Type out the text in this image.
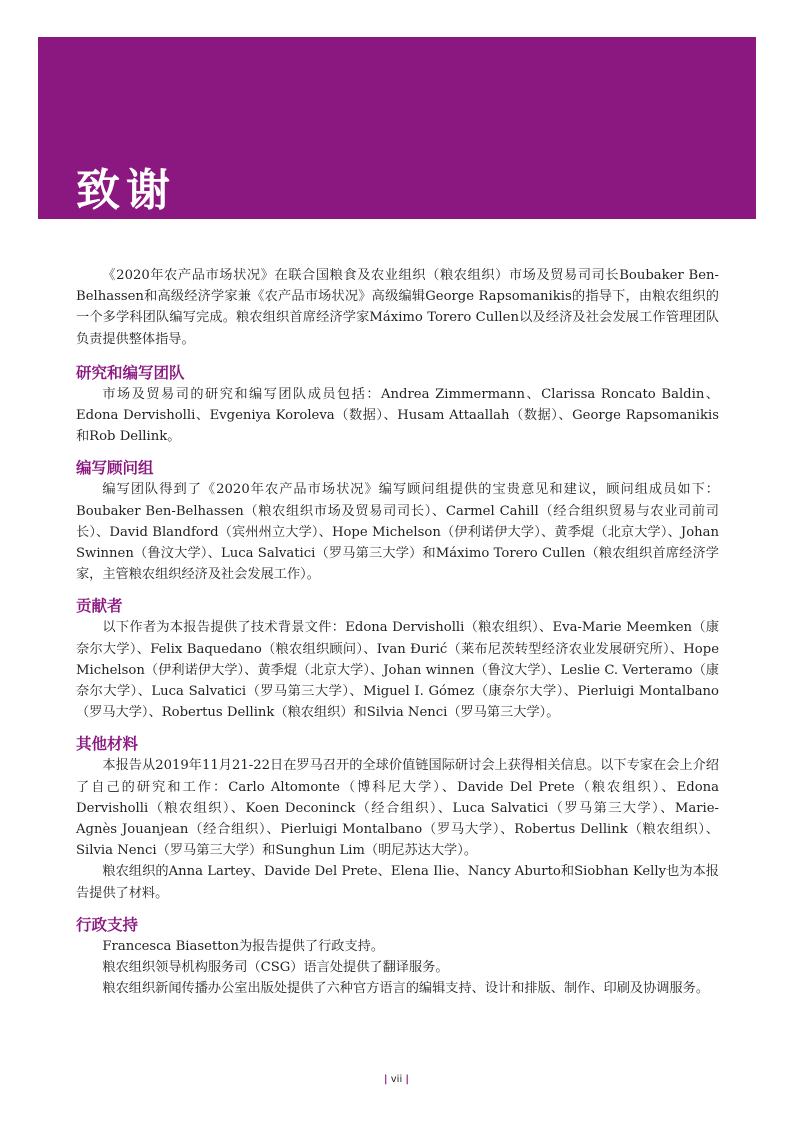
致谢

《2020年农产品市场状况》在联合国粮食及农业组织（粮农组织）市场及贸易司司长Boubaker Ben-Belhassen和高级经济学家兼《农产品市场状况》高级编辑George Rapsomanikis的指导下，由粮农组织的一个多学科团队编写完成。粮农组织首席经济学家Máximo Torero Cullen以及经济及社会发展工作管理团队负责提供整体指导。

研究和编写团队

市场及贸易司的研究和编写团队成员包括：Andrea Zimmermann、Clarissa Roncato Baldin、Edona Dervisholli、Evgeniya Koroleva（数据）、Husam Attaallah（数据）、George Rapsomanikis和Rob Dellink。

编写顾问组

编写团队得到了《2020年农产品市场状况》编写顾问组提供的宝贵意见和建议，顾问组成员如下：Boubaker Ben-Belhassen（粮农组织市场及贸易司司长）、Carmel Cahill（经合组织贸易与农业司前司长）、David Blandford（宾州州立大学）、Hope Michelson（伊利诺伊大学）、黄季焜（北京大学）、Johan Swinnen（鲁汶大学）、Luca Salvatici（罗马第三大学）和Máximo Torero Cullen（粮农组织首席经济学家，主管粮农组织经济及社会发展工作）。

贡献者

以下作者为本报告提供了技术背景文件：Edona Dervisholli（粮农组织）、Eva-Marie Meemken（康奈尔大学）、Felix Baquedano（粮农组织顾问）、Ivan Đurić（莱布尼茨转型经济农业发展研究所）、Hope Michelson（伊利诺伊大学）、黄季焜（北京大学）、Johan winnen（鲁汶大学）、Leslie C. Verteramo（康奈尔大学）、Luca Salvatici（罗马第三大学）、Miguel I. Gómez（康奈尔大学）、Pierluigi Montalbano（罗马大学）、Robertus Dellink（粮农组织）和Silvia Nenci（罗马第三大学）。

其他材料

本报告从2019年11月21-22日在罗马召开的全球价值链国际研讨会上获得相关信息。以下专家在会上介绍了自己的研究和工作：Carlo Altomonte（博科尼大学）、Davide Del Prete（粮农组织）、Edona Dervisholli（粮农组织）、Koen Deconinck（经合组织）、Luca Salvatici（罗马第三大学）、Marie-Agnès Jouanjean（经合组织）、Pierluigi Montalbano（罗马大学）、Robertus Dellink（粮农组织）、Silvia Nenci（罗马第三大学）和Sunghun Lim（明尼苏达大学）。

粮农组织的Anna Lartey、Davide Del Prete、Elena Ilie、Nancy Aburto和Siobhan Kelly也为本报告提供了材料。

行政支持

Francesca Biasetton为报告提供了行政支持。

粮农组织领导机构服务司（CSG）语言处提供了翻译服务。

粮农组织新闻传播办公室出版处提供了六种官方语言的编辑支持、设计和排版、制作、印刷及协调服务。

| vii |
